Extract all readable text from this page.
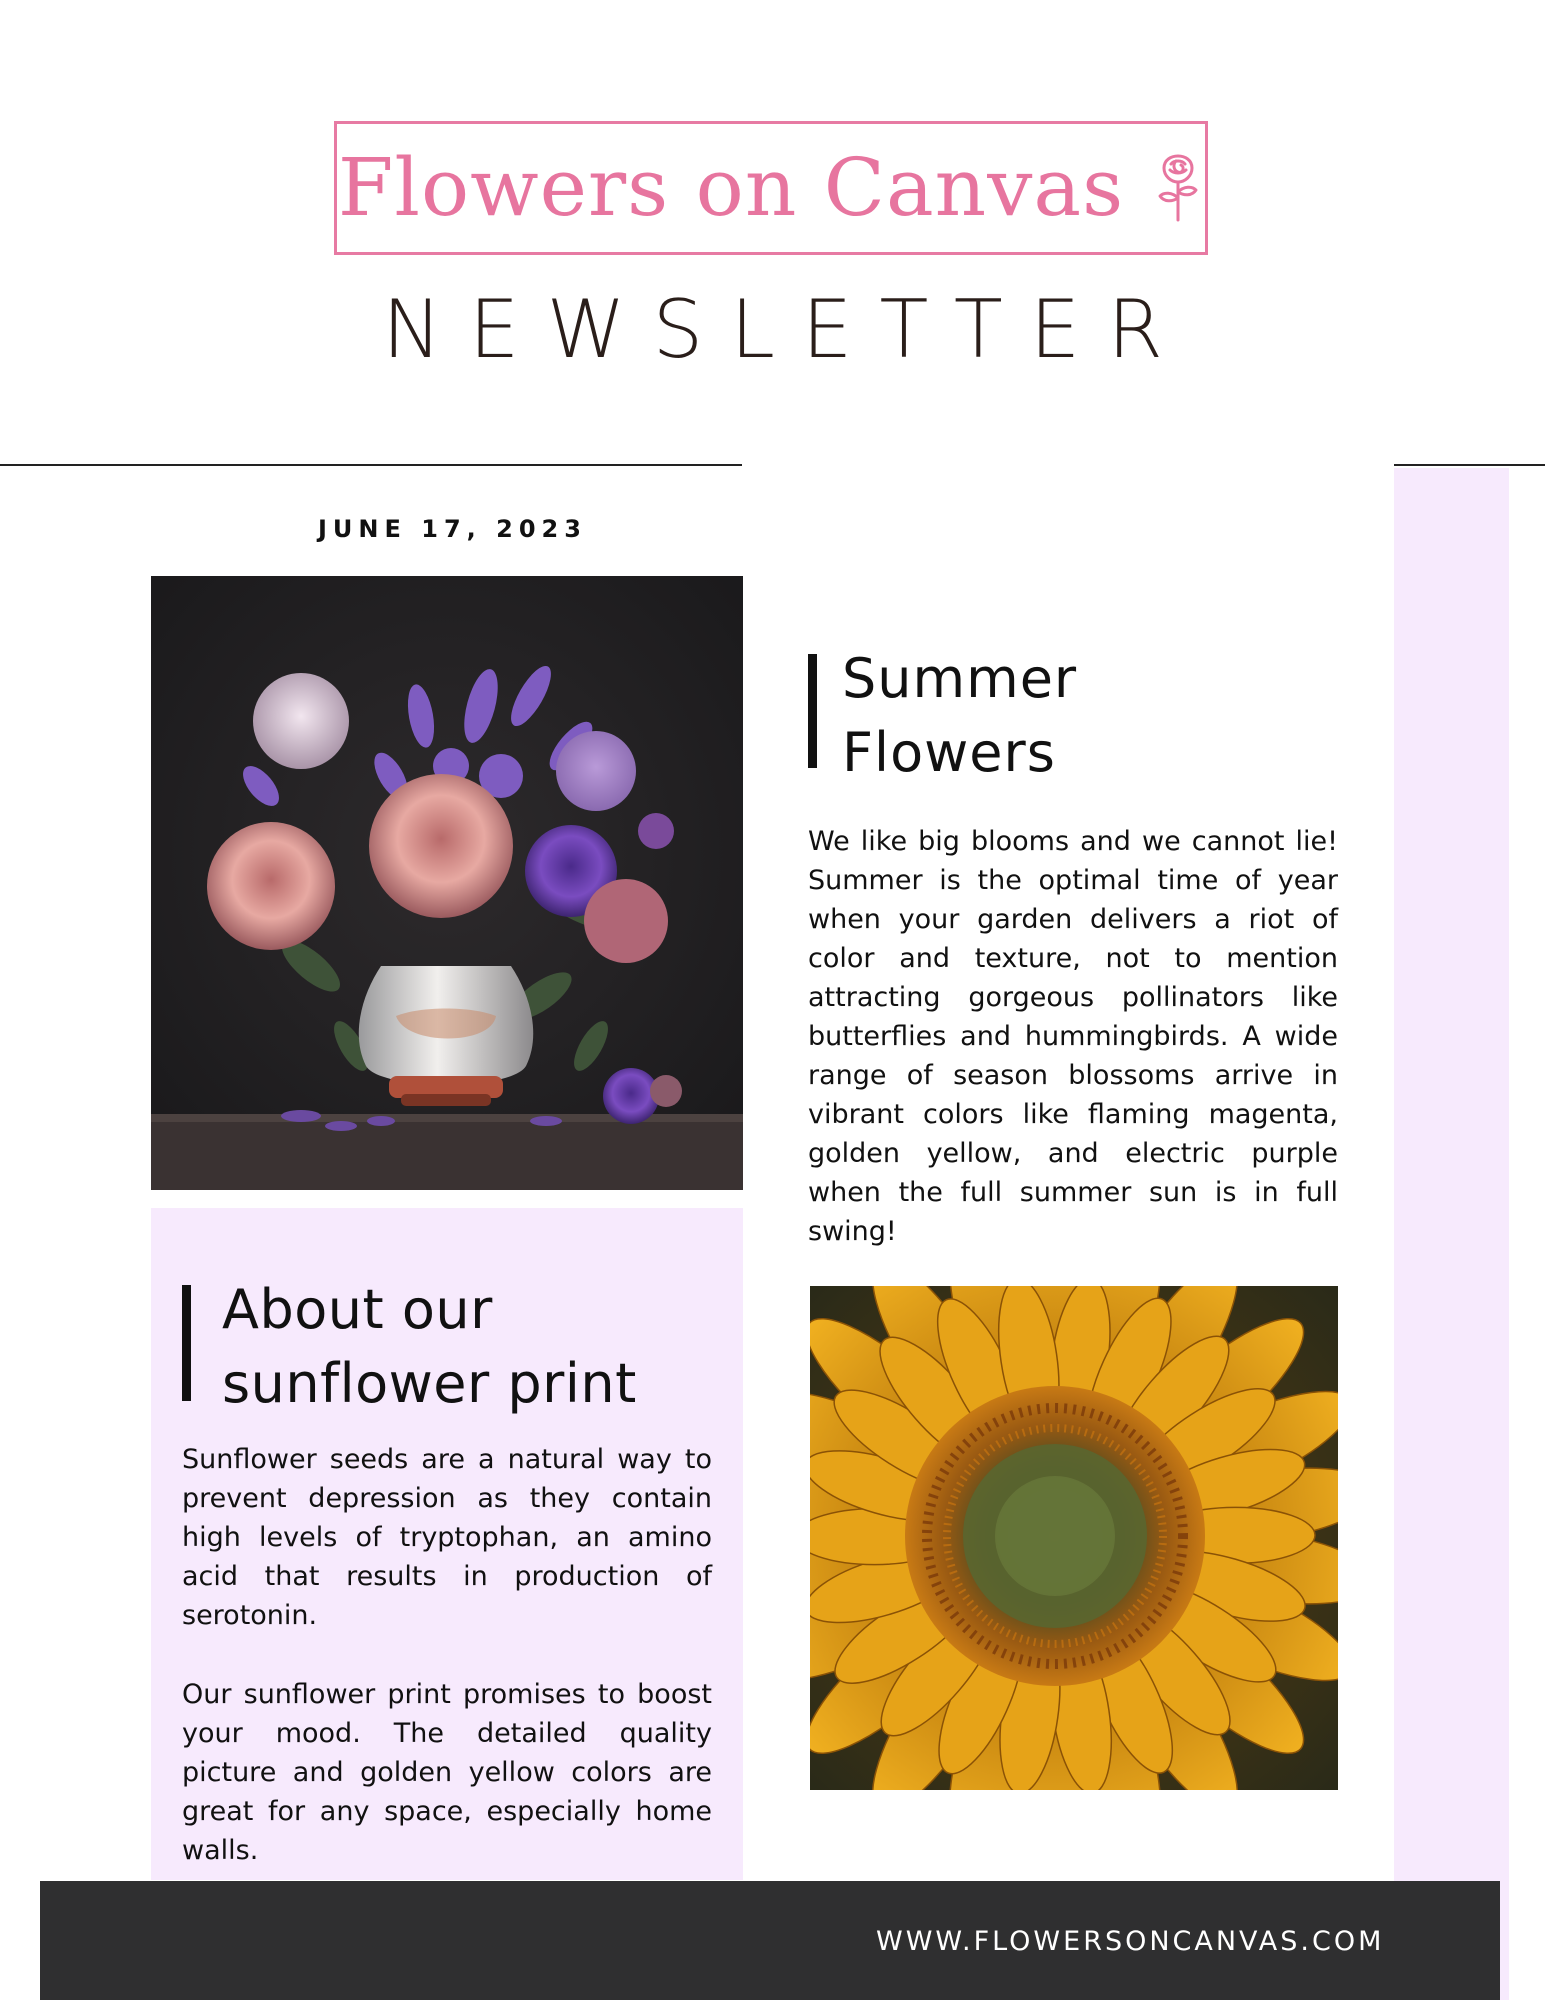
Flowers on Canvas
NEWSLETTER
JUNE 17, 2023
Summer
Flowers

We like big blooms and we cannot lie! Summer is the optimal time of year when your garden delivers a riot of color and texture, not to mention attracting gorgeous pollinators like butterflies and hummingbirds. A wide range of season blossoms arrive in vibrant colors like flaming magenta, golden yellow, and electric purple when the full summer sun is in full swing!

About our
sunflower print

Sunflower seeds are a natural way to prevent depression as they contain high levels of tryptophan, an amino acid that results in production of serotonin.

Our sunflower print promises to boost your mood. The detailed quality picture and golden yellow colors are great for any space, especially home walls.

WWW.FLOWERSONCANVAS.COM
